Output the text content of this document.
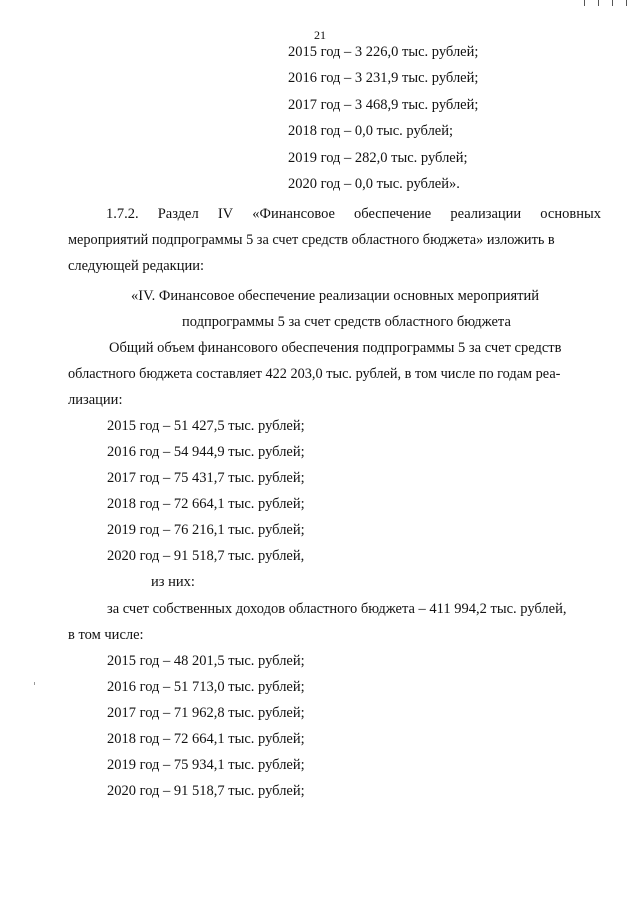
21
2015 год – 3 226,0 тыс. рублей;
2016 год – 3 231,9 тыс. рублей;
2017 год – 3 468,9 тыс. рублей;
2018 год – 0,0 тыс. рублей;
2019 год – 282,0 тыс. рублей;
2020 год – 0,0 тыс. рублей».
1.7.2. Раздел IV «Финансовое обеспечение реализации основных
мероприятий подпрограммы 5 за счет средств областного бюджета» изложить в
следующей редакции:
«IV. Финансовое обеспечение реализации основных мероприятий
подпрограммы 5 за счет средств областного бюджета
Общий объем финансового обеспечения подпрограммы 5 за счет средств
областного бюджета составляет 422 203,0 тыс. рублей, в том числе по годам реа-
лизации:
2015 год – 51 427,5 тыс. рублей;
2016 год – 54 944,9 тыс. рублей;
2017 год – 75 431,7 тыс. рублей;
2018 год – 72 664,1 тыс. рублей;
2019 год – 76 216,1 тыс. рублей;
2020 год – 91 518,7 тыс. рублей,
из них:
за счет собственных доходов областного бюджета – 411 994,2 тыс. рублей,
в том числе:
2015 год – 48 201,5 тыс. рублей;
2016 год – 51 713,0 тыс. рублей;
2017 год – 71 962,8 тыс. рублей;
2018 год – 72 664,1 тыс. рублей;
2019 год – 75 934,1 тыс. рублей;
2020 год – 91 518,7 тыс. рублей;
